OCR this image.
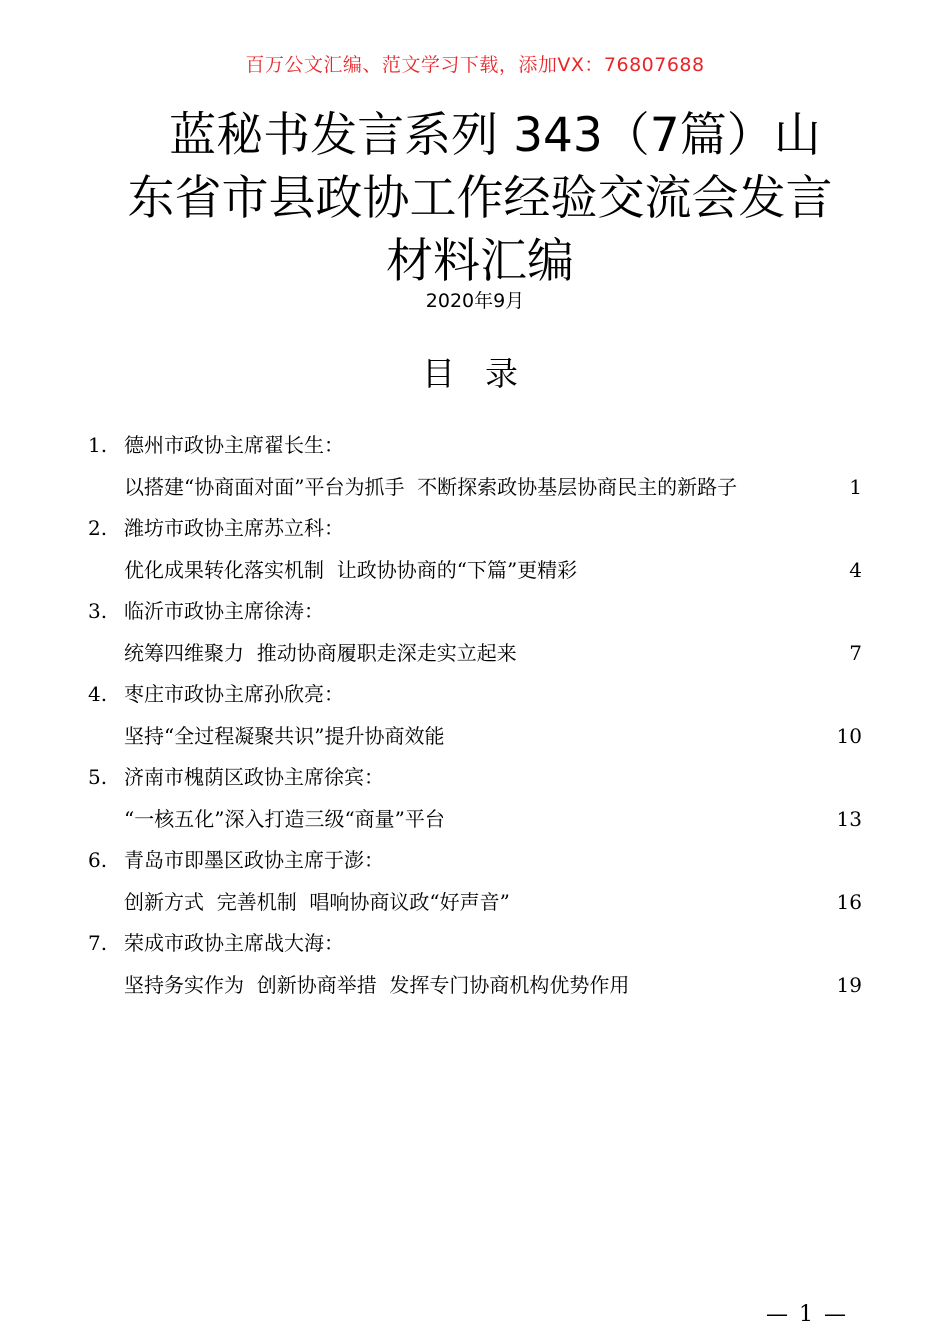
百万公文汇编、范文学习下载，添加VX：76807688
蓝秘书发言系列 343（7篇）山
东省市县政协工作经验交流会发言
材料汇编
2020年9月
目录
1. 德州市政协主席翟长生：
以搭建“协商面对面”平台为抓手  不断探索政协基层协商民主的新路子	1
2. 潍坊市政协主席苏立科：
优化成果转化落实机制  让政协协商的“下篇”更精彩	4
3. 临沂市政协主席徐涛：
统筹四维聚力  推动协商履职走深走实立起来	7
4. 枣庄市政协主席孙欣亮：
坚持“全过程凝聚共识”提升协商效能	10
5. 济南市槐荫区政协主席徐宾：
“一核五化”深入打造三级“商量”平台	13
6. 青岛市即墨区政协主席于澎：
创新方式  完善机制  唱响协商议政“好声音”	16
7. 荣成市政协主席战大海：
坚持务实作为  创新协商举措  发挥专门协商机构优势作用	19
— 1 —
